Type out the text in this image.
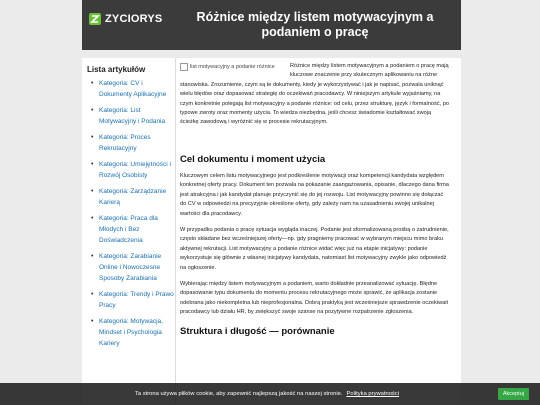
ZYCIORYS	Różnice między listem motywacyjnym a podaniem o pracę
Lista artykułów
• Kategoria: CV i Dokumenty Aplikacyjne
• Kategoria: List Motywacyjny i Podania
• Kategoria: Proces Rekrutacyjny
• Kategoria: Umiejętności i Rozwój Osobisty
• Kategoria: Zarządzanie Karierą
• Kategoria: Praca dla Młodych i Bez Doświadczenia
• Kategoria: Zarabianie Online i Nowoczesne Sposoby Zarabiania
• Kategoria: Trendy i Prawo Pracy
• Kategoria: Motywacja, Mindset i Psychologia Kariery
list motywacyjny a podanie różnice	Różnice między listem motywacyjnym a podaniem o pracę mają kluczowe znaczenie przy skutecznym aplikowaniu na różne stanowiska. Zrozumienie, czym są te dokumenty, kiedy je wykorzystywać i jak je napisać, pozwala uniknąć wielu błędów oraz dopasować strategię do oczekiwań pracodawcy. W niniejszym artykule wyjaśniamy, na czym konkretnie polegają list motywacyjny a podanie różnice: od celu, przez strukturę, język i formalność, po typowe zwroty oraz momenty użycia. To wiedza niezbędna, jeśli chcesz świadomie kształtować swoją ścieżkę zawodową i wyróżnić się w procesie rekrutacyjnym.

Cel dokumentu i moment użycia

Kluczowym celem listu motywacyjnego jest podkreślenie motywacji oraz kompetencji kandydata względem konkretnej oferty pracy. Dokument ten pozwala na pokazanie zaangażowania, opisanie, dlaczego dana firma jest atrakcyjna i jak kandydat planuje przyczynić się do jej rozwoju. List motywacyjny powinno się dołączać do CV w odpowiedzi na precyzyjnie określone oferty, gdy zależy nam na uzasadnieniu swojej unikalnej wartości dla pracodawcy.

W przypadku podania o pracę sytuacja wygląda inaczej. Podanie jest sformalizowaną prośbą o zatrudnienie, często składane bez wcześniejszej oferty—np. gdy pragniemy pracować w wybranym miejscu mimo braku aktywnej rekrutacji. List motywacyjny a podanie różnice widać więc już na etapie inicjatywy: podanie wykorzystuje się głównie z własnej inicjatywy kandydata, natomiast list motywacyjny zwykle jako odpowiedź na ogłoszenie.

Wybierając między listem motywacyjnym a podaniem, warto dokładnie przeanalizować sytuację. Błędne dopasowanie typu dokumentu do momentu procesu rekrutacyjnego może sprawić, że aplikacja zostanie odebrana jako niekompletna lub nieprofesjonalna. Dobrą praktyką jest wcześniejsze sprawdzenie oczekiwań pracodawcy lub działu HR, by zwiększyć swoje szanse na pozytywne rozpatrzenie zgłoszenia.

Struktura i długość — porównanie
Ta strona używa plików cookie, aby zapewnić najlepszą jakość na naszej stronie. Polityka prywatności	Akceptuj
